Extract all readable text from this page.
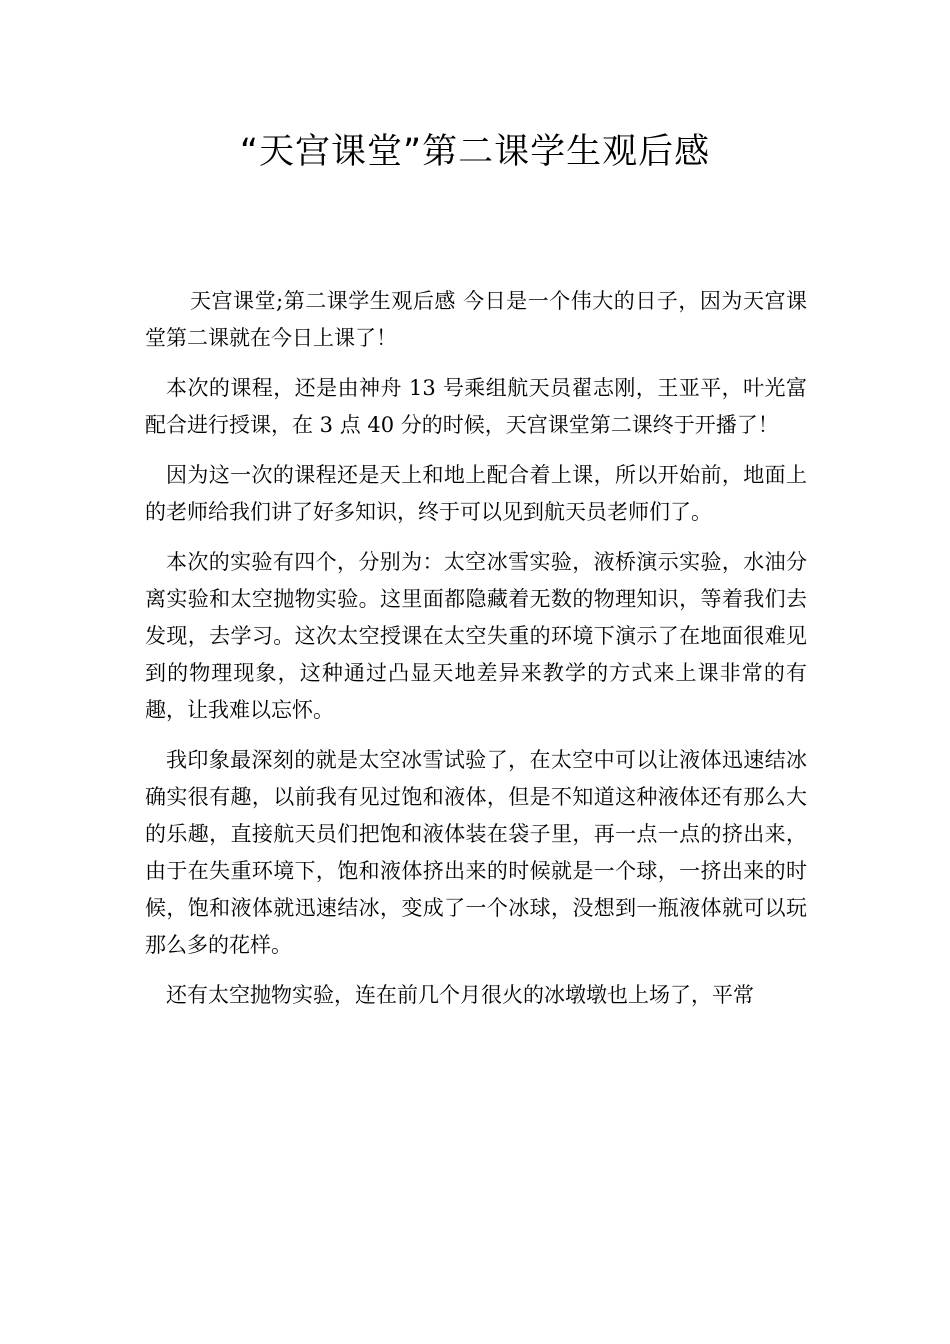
“天宫课堂”第二课学生观后感

天宫课堂;第二课学生观后感 今日是一个伟大的日子，因为天宫课堂第二课就在今日上课了！

本次的课程，还是由神舟 13 号乘组航天员翟志刚，王亚平，叶光富配合进行授课，在 3 点 40 分的时候，天宫课堂第二课终于开播了！

因为这一次的课程还是天上和地上配合着上课，所以开始前，地面上的老师给我们讲了好多知识，终于可以见到航天员老师们了。

本次的实验有四个，分别为：太空冰雪实验，液桥演示实验，水油分离实验和太空抛物实验。这里面都隐藏着无数的物理知识，等着我们去发现，去学习。这次太空授课在太空失重的环境下演示了在地面很难见到的物理现象，这种通过凸显天地差异来教学的方式来上课非常的有趣，让我难以忘怀。

我印象最深刻的就是太空冰雪试验了，在太空中可以让液体迅速结冰确实很有趣，以前我有见过饱和液体，但是不知道这种液体还有那么大的乐趣，直接航天员们把饱和液体装在袋子里，再一点一点的挤出来，由于在失重环境下，饱和液体挤出来的时候就是一个球，一挤出来的时候，饱和液体就迅速结冰，变成了一个冰球，没想到一瓶液体就可以玩那么多的花样。

还有太空抛物实验，连在前几个月很火的冰墩墩也上场了，平常
